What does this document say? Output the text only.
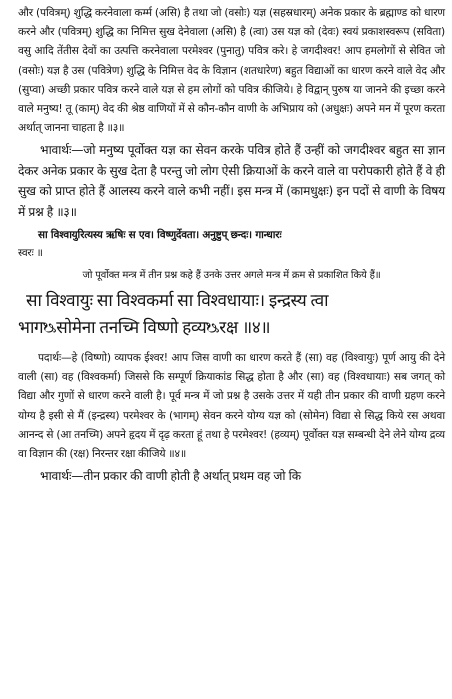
और (पवित्रम्) शुद्धि करनेवाला कर्म्म (असि) है तथा जो (वसोः) यज्ञ (सहस्रधारम्) अनेक प्रकार के ब्रह्माण्ड को धारण करने और (पवित्रम्) शुद्धि का निमित्त सुख देनेवाला (असि) है (त्वा) उस यज्ञ को (देवः) स्वयं प्रकाशस्वरूप (सविता) वसु आदि तेंतीस देवों का उत्पत्ति करनेवाला परमेश्वर (पुनातु) पवित्र करे। हे जगदीश्वर! आप हमलोगों से सेवित जो (वसोः) यज्ञ है उस (पवित्रेण) शुद्धि के निमित्त वेद के विज्ञान (शतधारेण) बहुत विद्याओं का धारण करने वाले वेद और (सुप्वा) अच्छी प्रकार पवित्र करने वाले यज्ञ से हम लोगों को पवित्र कीजिये। हे विद्वान् पुरुष या जानने की इच्छा करने वाले मनुष्य! तू (काम्) वेद की श्रेष्ठ वाणियों में से कौन-कौन वाणी के अभिप्राय को (अधुक्षः) अपने मन में पूरण करता अर्थात् जानना चाहता है ॥३॥

भावार्थः—जो मनुष्य पूर्वोक्त यज्ञ का सेवन करके पवित्र होते हैं उन्हीं को जगदीश्वर बहुत सा ज्ञान देकर अनेक प्रकार के सुख देता है परन्तु जो लोग ऐसी क्रियाओं के करने वाले वा परोपकारी होते हैं वे ही सुख को प्राप्त होते हैं आलस्य करने वाले कभी नहीं। इस मन्त्र में (कामधुक्षः) इन पदों से वाणी के विषय में प्रश्न है ॥३॥

सा विश्वायुरित्यस्य ऋषिः स एव। विष्णुर्देवता। अनुष्टुप् छन्दः। गान्धारः
स्वरः ॥

जो पूर्वोक्त मन्त्र में तीन प्रश्न कहे हैं उनके उत्तर अगले मन्त्र में क्रम से प्रकाशित किये हैं॥

सा विश्वायुः सा विश्वकर्मा सा विश्वधायाः। इन्द्रस्य त्वा

भागᳬसोमेना तनच्मि विष्णो हव्यᳬरक्ष ॥४॥

पदार्थः—हे (विष्णो) व्यापक ईश्वर! आप जिस वाणी का धारण करते हैं (सा) वह (विश्वायुः) पूर्ण आयु की देने वाली (सा) वह (विश्वकर्मा) जिससे कि सम्पूर्ण क्रियाकांड सिद्ध होता है और (सा) वह (विश्वधायाः) सब जगत् को विद्या और गुणों से धारण करने वाली है। पूर्व मन्त्र में जो प्रश्न है उसके उत्तर में यही तीन प्रकार की वाणी ग्रहण करने योग्य है इसी से मैं (इन्द्रस्य) परमेश्वर के (भागम्) सेवन करने योग्य यज्ञ को (सोमेन) विद्या से सिद्ध किये रस अथवा आनन्द से (आ तनच्मि) अपने हृदय में दृढ़ करता हूं तथा हे परमेश्वर! (हव्यम्) पूर्वोक्त यज्ञ सम्बन्धी देने लेने योग्य द्रव्य वा विज्ञान की (रक्ष) निरन्तर रक्षा कीजिये ॥४॥

भावार्थः—तीन प्रकार की वाणी होती है अर्थात् प्रथम वह जो कि
